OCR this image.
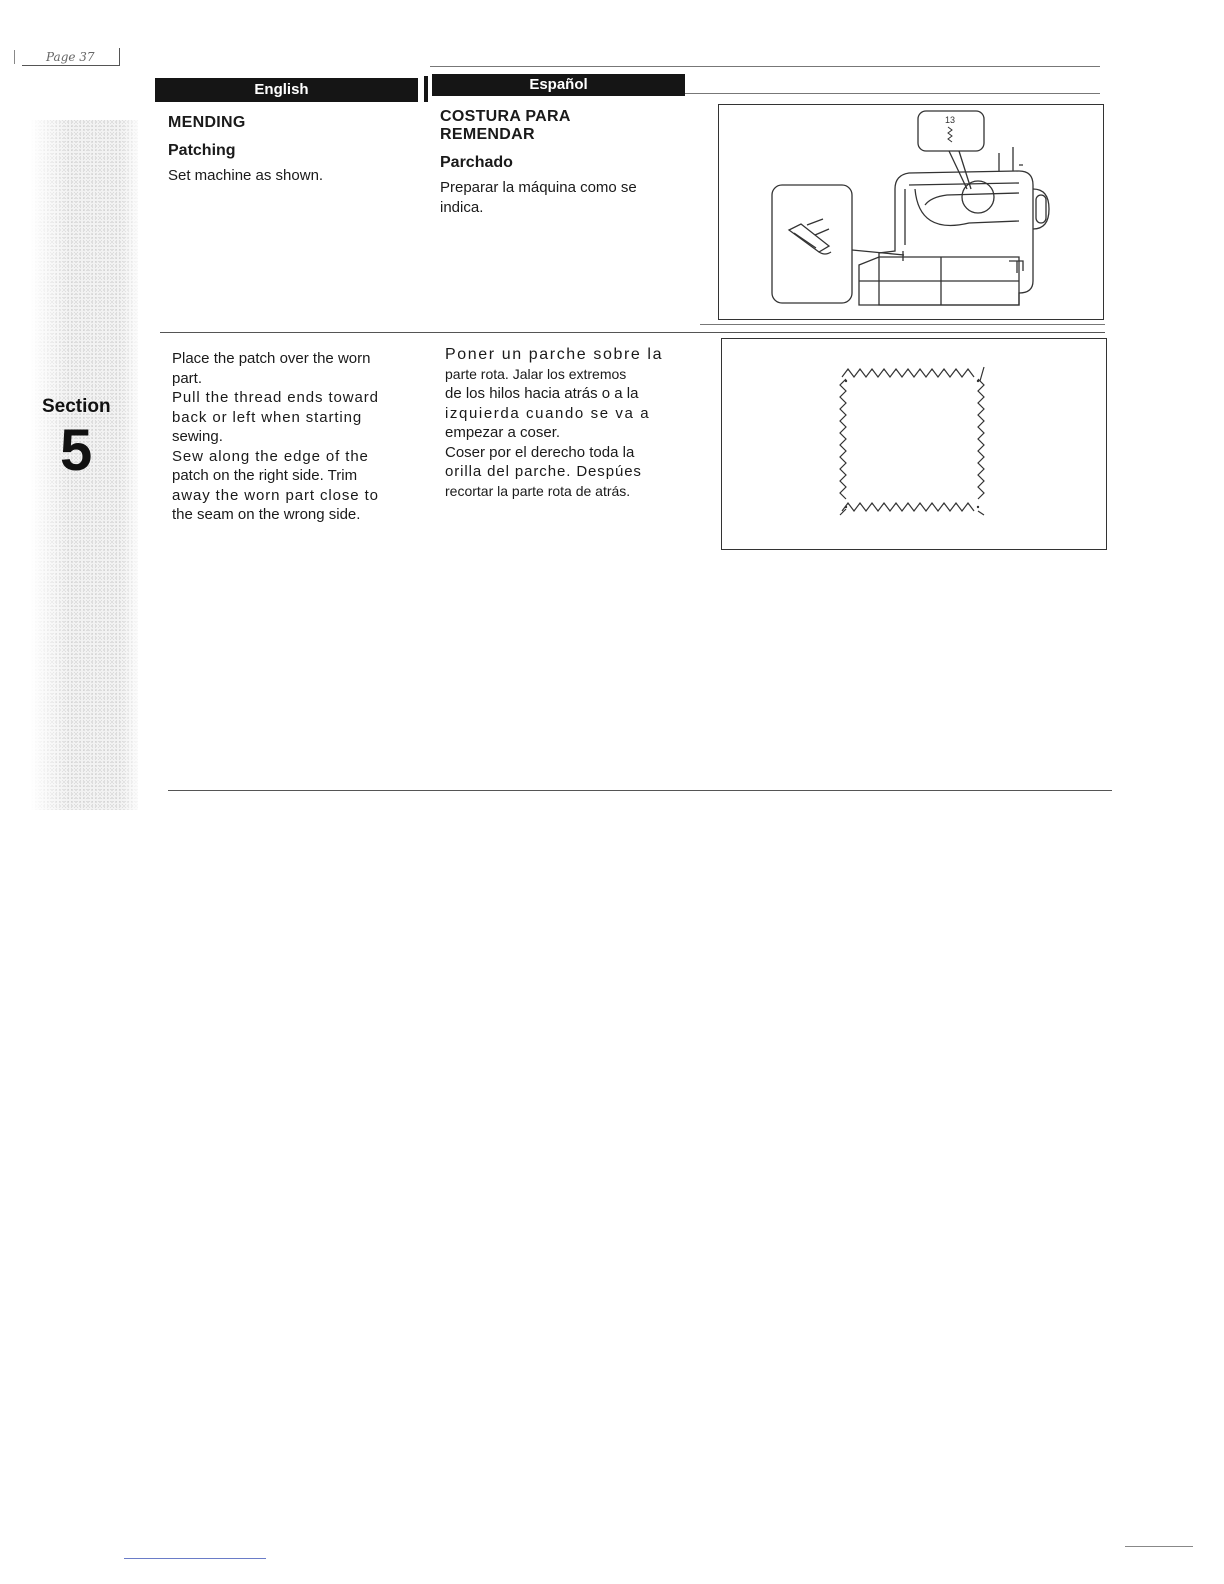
Page 37
Section
5
English	Español
MENDING
Patching
Set machine as shown.
COSTURA PARA
REMENDAR
Parchado
Preparar la máquina como se
indica.
13
Place the patch over the worn
part.
Pull the thread ends toward
back or left when starting
sewing.
Sew along the edge of the
patch on the right side. Trim
away the worn part close to
the seam on the wrong side.
Poner un parche sobre la
parte rota. Jalar los extremos
de los hilos hacia atrás o a la
izquierda cuando se va a
empezar a coser.
Coser por el derecho toda la
orilla del parche. Despúes
recortar la parte rota de atrás.
